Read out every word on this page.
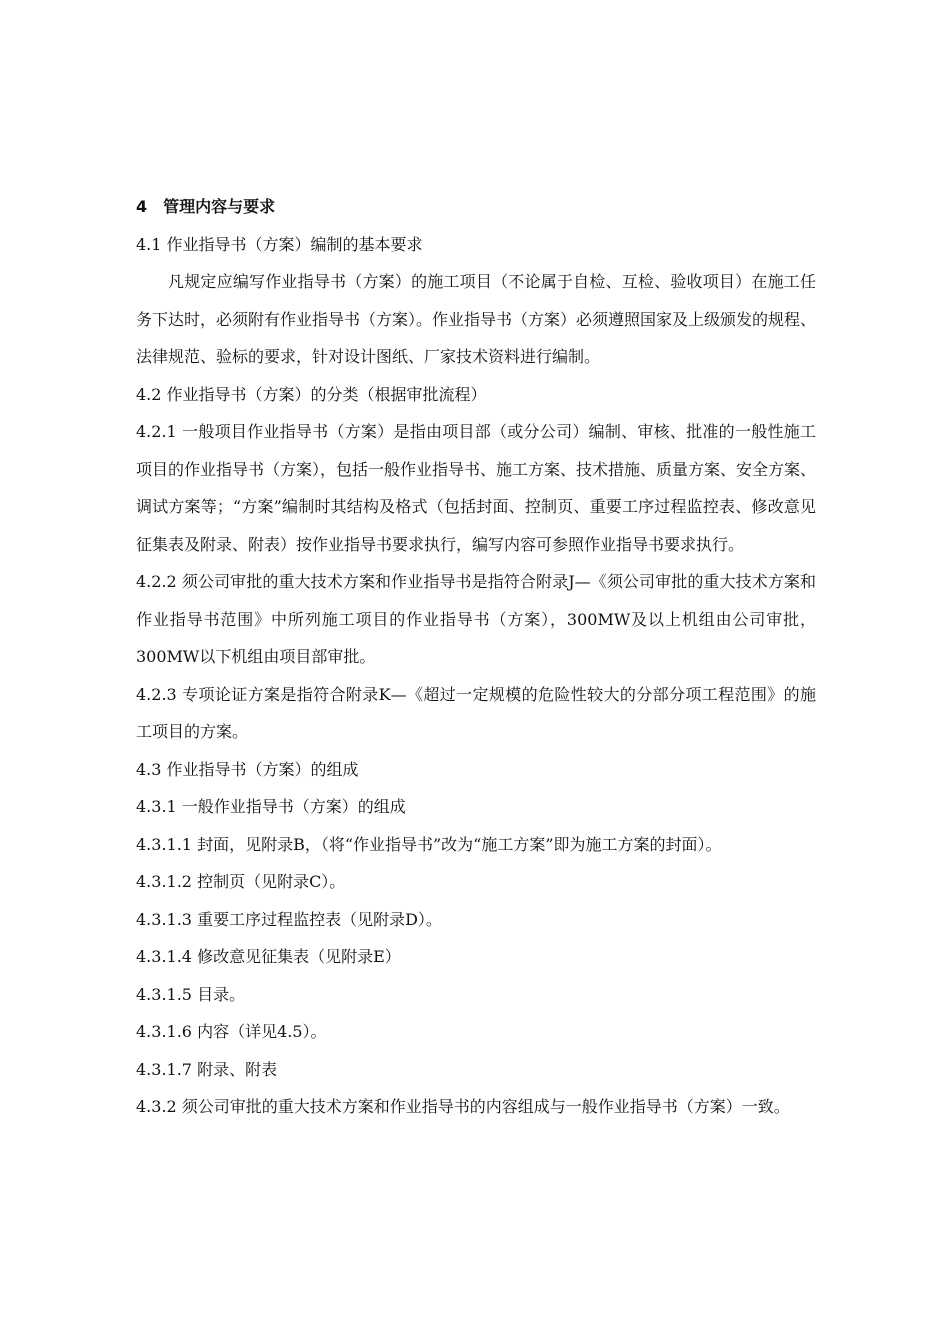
4　管理内容与要求

4.1 作业指导书（方案）编制的基本要求

凡规定应编写作业指导书（方案）的施工项目（不论属于自检、互检、验收项目）在施工任务下达时，必须附有作业指导书（方案）。作业指导书（方案）必须遵照国家及上级颁发的规程、法律规范、验标的要求，针对设计图纸、厂家技术资料进行编制。

4.2 作业指导书（方案）的分类（根据审批流程）

4.2.1 一般项目作业指导书（方案）是指由项目部（或分公司）编制、审核、批准的一般性施工项目的作业指导书（方案），包括一般作业指导书、施工方案、技术措施、质量方案、安全方案、调试方案等；“方案”编制时其结构及格式（包括封面、控制页、重要工序过程监控表、修改意见征集表及附录、附表）按作业指导书要求执行，编写内容可参照作业指导书要求执行。

4.2.2 须公司审批的重大技术方案和作业指导书是指符合附录J—《须公司审批的重大技术方案和作业指导书范围》中所列施工项目的作业指导书（方案），300MW及以上机组由公司审批，300MW以下机组由项目部审批。

4.2.3 专项论证方案是指符合附录K—《超过一定规模的危险性较大的分部分项工程范围》的施工项目的方案。

4.3 作业指导书（方案）的组成

4.3.1 一般作业指导书（方案）的组成

4.3.1.1 封面，见附录B，（将“作业指导书”改为“施工方案”即为施工方案的封面）。

4.3.1.2 控制页（见附录C）。

4.3.1.3 重要工序过程监控表（见附录D）。

4.3.1.4 修改意见征集表（见附录E）

4.3.1.5 目录。

4.3.1.6 内容（详见4.5）。

4.3.1.7 附录、附表

4.3.2 须公司审批的重大技术方案和作业指导书的内容组成与一般作业指导书（方案）一致。
